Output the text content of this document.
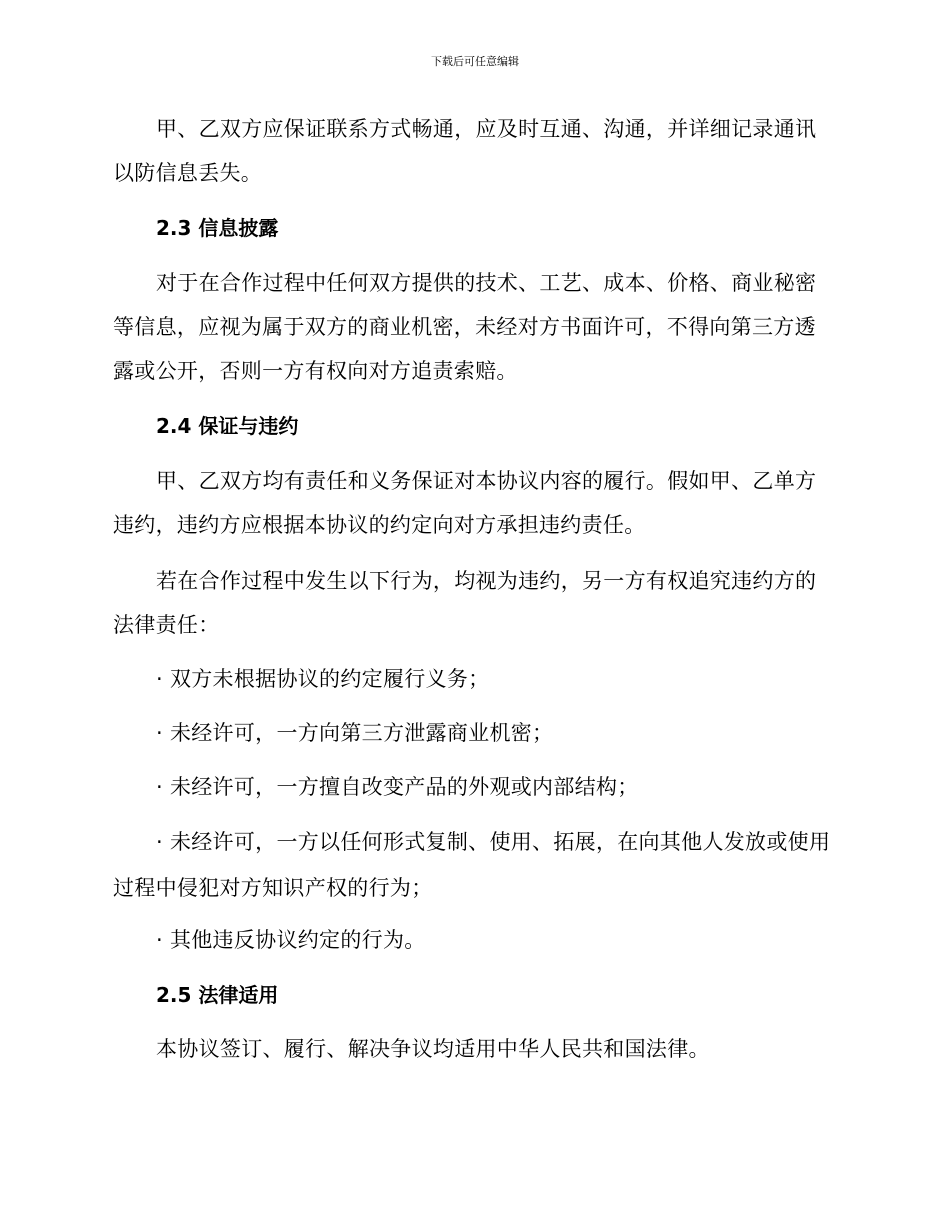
下载后可任意编辑
甲、乙双方应保证联系方式畅通，应及时互通、沟通，并详细记录通讯以防信息丢失。
2.3 信息披露
对于在合作过程中任何双方提供的技术、工艺、成本、价格、商业秘密等信息，应视为属于双方的商业机密，未经对方书面许可，不得向第三方透露或公开，否则一方有权向对方追责索赔。
2.4 保证与违约
甲、乙双方均有责任和义务保证对本协议内容的履行。假如甲、乙单方违约，违约方应根据本协议的约定向对方承担违约责任。
若在合作过程中发生以下行为，均视为违约，另一方有权追究违约方的法律责任：
· 双方未根据协议的约定履行义务；
· 未经许可，一方向第三方泄露商业机密；
· 未经许可，一方擅自改变产品的外观或内部结构；
· 未经许可，一方以任何形式复制、使用、拓展，在向其他人发放或使用过程中侵犯对方知识产权的行为；
· 其他违反协议约定的行为。
2.5 法律适用
本协议签订、履行、解决争议均适用中华人民共和国法律。
